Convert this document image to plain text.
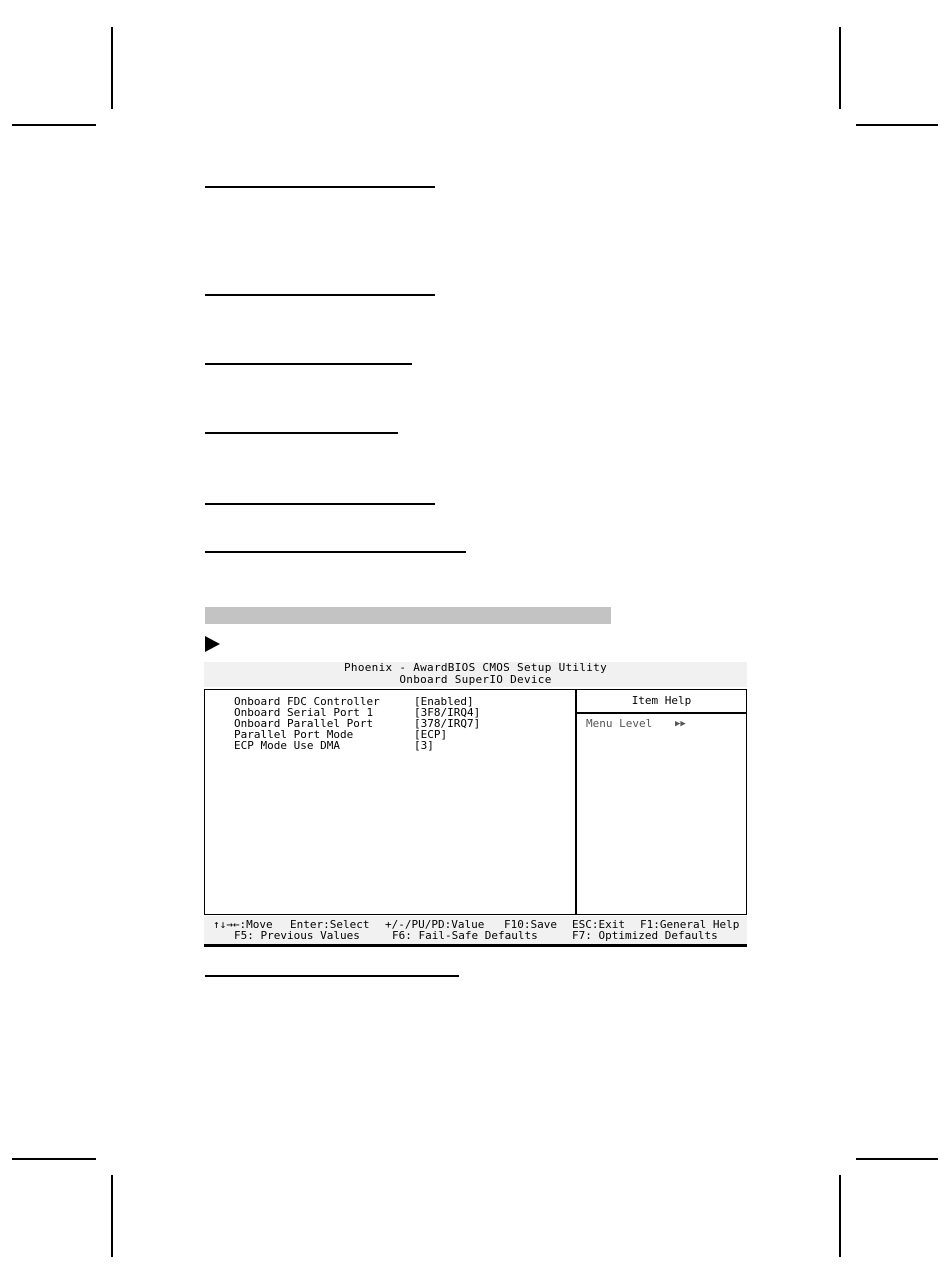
Phoenix - AwardBIOS CMOS Setup Utility
Onboard SuperIO Device

Onboard FDC Controller

	[Enabled]

Onboard Serial Port 1

	[3F8/IRQ4]

Onboard Parallel Port

	[378/IRQ7]

Parallel Port Mode

	[ECP]

ECP Mode Use DMA

	[3]

Item Help
Menu Level	▶▶

↑↓→←:Move

Enter:Select

+/-/PU/PD:Value

F10:Save

ESC:Exit

F1:General Help

F5: Previous Values

	F6: Fail-Safe Defaults

	F7: Optimized Defaults
